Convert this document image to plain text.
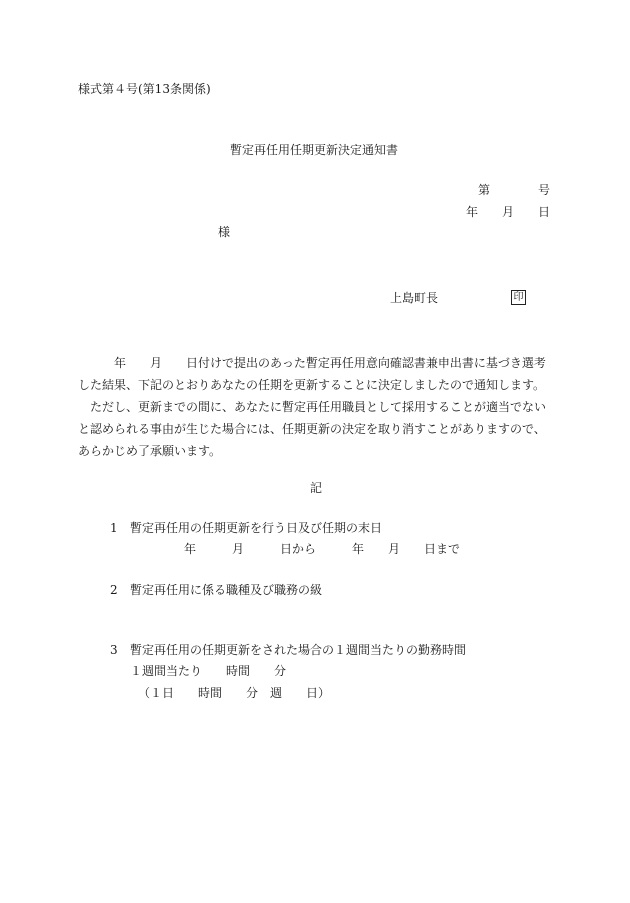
様式第４号(第13条関係)
暫定再任用任期更新決定通知書
第　　　　号
年　　月　　日
様
上島町長	印
年　　月　　日付けで提出のあった暫定再任用意向確認書兼申出書に基づき選考した結果、下記のとおりあなたの任期を更新することに決定しましたので通知します。
ただし、更新までの間に、あなたに暫定再任用職員として採用することが適当でないと認められる事由が生じた場合には、任期更新の決定を取り消すことがありますので、あらかじめ了承願います。
記
1 暫定再任用の任期更新を行う日及び任期の末日
年　　　月　　　日から　　　年　　月　　日まで
2 暫定再任用に係る職種及び職務の級
3 暫定再任用の任期更新をされた場合の１週間当たりの勤務時間
１週間当たり　　時間　　分
（１日　　時間　　分　週　　日）
